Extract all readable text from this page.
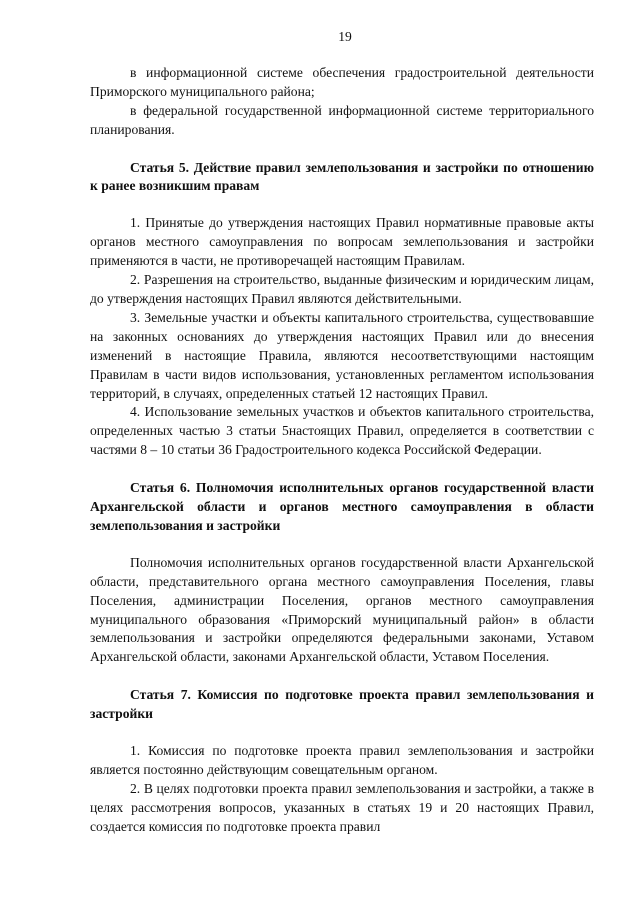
19

в информационной системе обеспечения градостроительной деятельности Приморского муниципального района;

в федеральной государственной информационной системе территориального планирования.

Статья 5. Действие правил землепользования и застройки по отношению к ранее возникшим правам

1. Принятые до утверждения настоящих Правил нормативные правовые акты органов местного самоуправления по вопросам землепользования и застройки применяются в части, не противоречащей настоящим Правилам.

2. Разрешения на строительство, выданные физическим и юридическим лицам, до утверждения настоящих Правил являются действительными.

3. Земельные участки и объекты капитального строительства, существовавшие на законных основаниях до утверждения настоящих Правил или до внесения изменений в настоящие Правила, являются несоответствующими настоящим Правилам в части видов использования, установленных регламентом использования территорий, в случаях, определенных статьей 12 настоящих Правил.

4. Использование земельных участков и объектов капитального строительства, определенных частью 3 статьи 5настоящих Правил, определяется в соответствии с частями 8 – 10 статьи 36 Градостроительного кодекса Российской Федерации.

Статья 6. Полномочия исполнительных органов государственной власти Архангельской области и органов местного самоуправления в области землепользования и застройки

Полномочия исполнительных органов государственной власти Архангельской области, представительного органа местного самоуправления Поселения, главы Поселения, администрации Поселения, органов местного самоуправления муниципального образования «Приморский муниципальный район» в области землепользования и застройки определяются федеральными законами, Уставом Архангельской области, законами Архангельской области, Уставом Поселения.

Статья 7. Комиссия по подготовке проекта правил землепользования и застройки

1. Комиссия по подготовке проекта правил землепользования и застройки является постоянно действующим совещательным органом.

2. В целях подготовки проекта правил землепользования и застройки, а также в целях рассмотрения вопросов, указанных в статьях 19 и 20 настоящих Правил, создается комиссия по подготовке проекта правил
